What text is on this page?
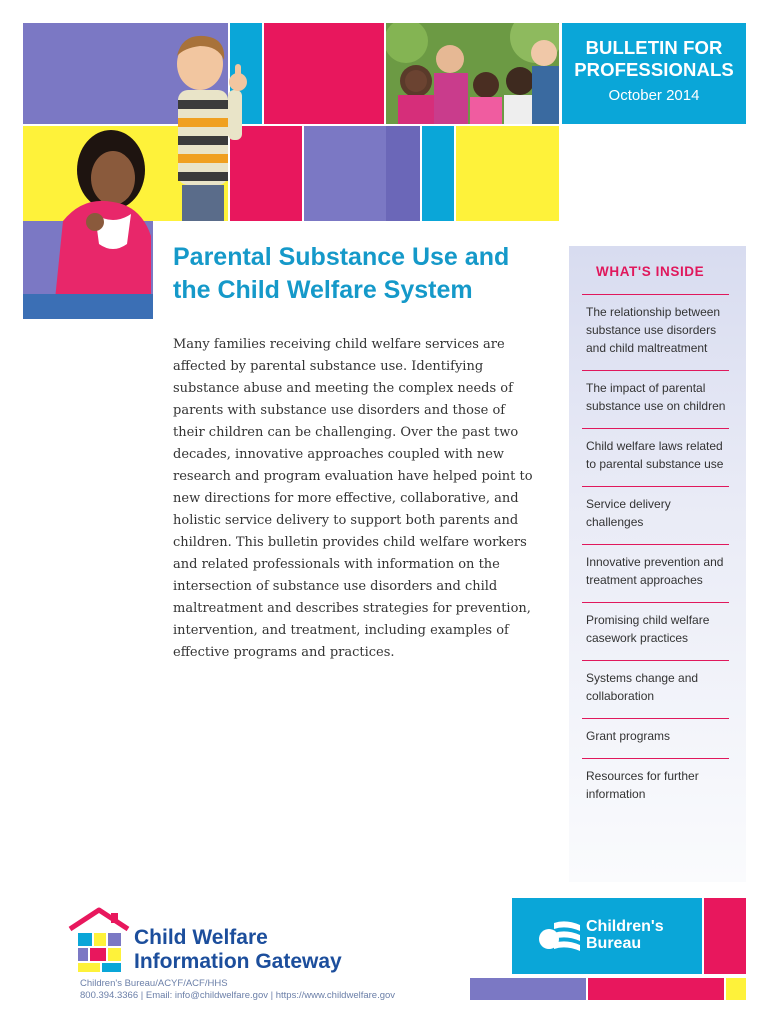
BULLETIN FOR
PROFESSIONALS
October 2014
Parental Substance Use and
the Child Welfare System

Many families receiving child welfare services are affected by parental substance use. Identifying substance abuse and meeting the complex needs of parents with substance use disorders and those of their children can be challenging. Over the past two decades, innovative approaches coupled with new research and program evaluation have helped point to new directions for more effective, collaborative, and holistic service delivery to support both parents and children. This bulletin provides child welfare workers and related professionals with information on the intersection of substance use disorders and child maltreatment and describes strategies for prevention, intervention, and treatment, including examples of effective programs and practices.

WHAT'S INSIDE
The relationship between substance use disorders and child maltreatment
The impact of parental substance use on children
Child welfare laws related to parental substance use
Service delivery challenges
Innovative prevention and treatment approaches
Promising child welfare casework practices
Systems change and collaboration
Grant programs
Resources for further information
Child Welfare
Information Gateway
Children's Bureau/ACYF/ACF/HHS
800.394.3366 | Email: info@childwelfare.gov | https://www.childwelfare.gov
Children's
Bureau
